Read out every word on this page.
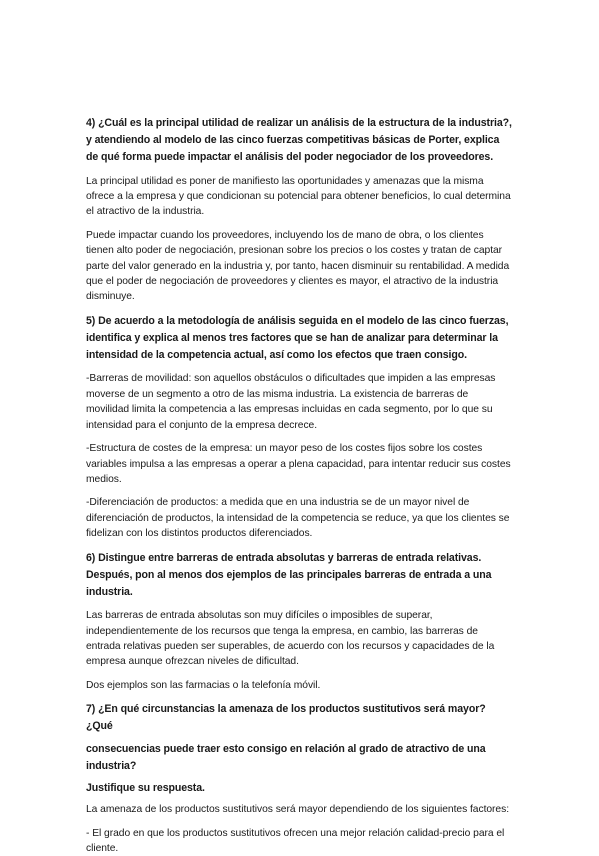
4) ¿Cuál es la principal utilidad de realizar un análisis de la estructura de la industria?, y atendiendo al modelo de las cinco fuerzas competitivas básicas de Porter, explica de qué forma puede impactar el análisis del poder negociador de los proveedores.

La principal utilidad es poner de manifiesto las oportunidades y amenazas que la misma ofrece a la empresa y que condicionan su potencial para obtener beneficios, lo cual determina el atractivo de la industria.

Puede impactar cuando los proveedores, incluyendo los de mano de obra, o los clientes tienen alto poder de negociación, presionan sobre los precios o los costes y tratan de captar parte del valor generado en la industria y, por tanto, hacen disminuir su rentabilidad. A medida que el poder de negociación de proveedores y clientes es mayor, el atractivo de la industria disminuye.

5) De acuerdo a la metodología de análisis seguida en el modelo de las cinco fuerzas, identifica y explica al menos tres factores que se han de analizar para determinar la intensidad de la competencia actual, así como los efectos que traen consigo.

-Barreras de movilidad: son aquellos obstáculos o dificultades que impiden a las empresas moverse de un segmento a otro de las misma industria. La existencia de barreras de movilidad limita la competencia a las empresas incluidas en cada segmento, por lo que su intensidad para el conjunto de la empresa decrece.

-Estructura de costes de la empresa: un mayor peso de los costes fijos sobre los costes variables impulsa a las empresas a operar a plena capacidad, para intentar reducir sus costes medios.

-Diferenciación de productos: a medida que en una industria se de un mayor nivel de diferenciación de productos, la intensidad de la competencia se reduce, ya que los clientes se fidelizan con los distintos productos diferenciados.

6) Distingue entre barreras de entrada absolutas y barreras de entrada relativas. Después, pon al menos dos ejemplos de las principales barreras de entrada a una industria.

Las barreras de entrada absolutas son muy difíciles o imposibles de superar, independientemente de los recursos que tenga la empresa, en cambio, las barreras de entrada relativas pueden ser superables, de acuerdo con los recursos y capacidades de la empresa aunque ofrezcan niveles de dificultad.

Dos ejemplos son las farmacias o la telefonía móvil.

7) ¿En qué circunstancias la amenaza de los productos sustitutivos será mayor? ¿Qué

consecuencias puede traer esto consigo en relación al grado de atractivo de una industria?

Justifique su respuesta.

La amenaza de los productos sustitutivos será mayor dependiendo de los siguientes factores:

- El grado en que los productos sustitutivos ofrecen una mejor relación calidad-precio para el cliente.
